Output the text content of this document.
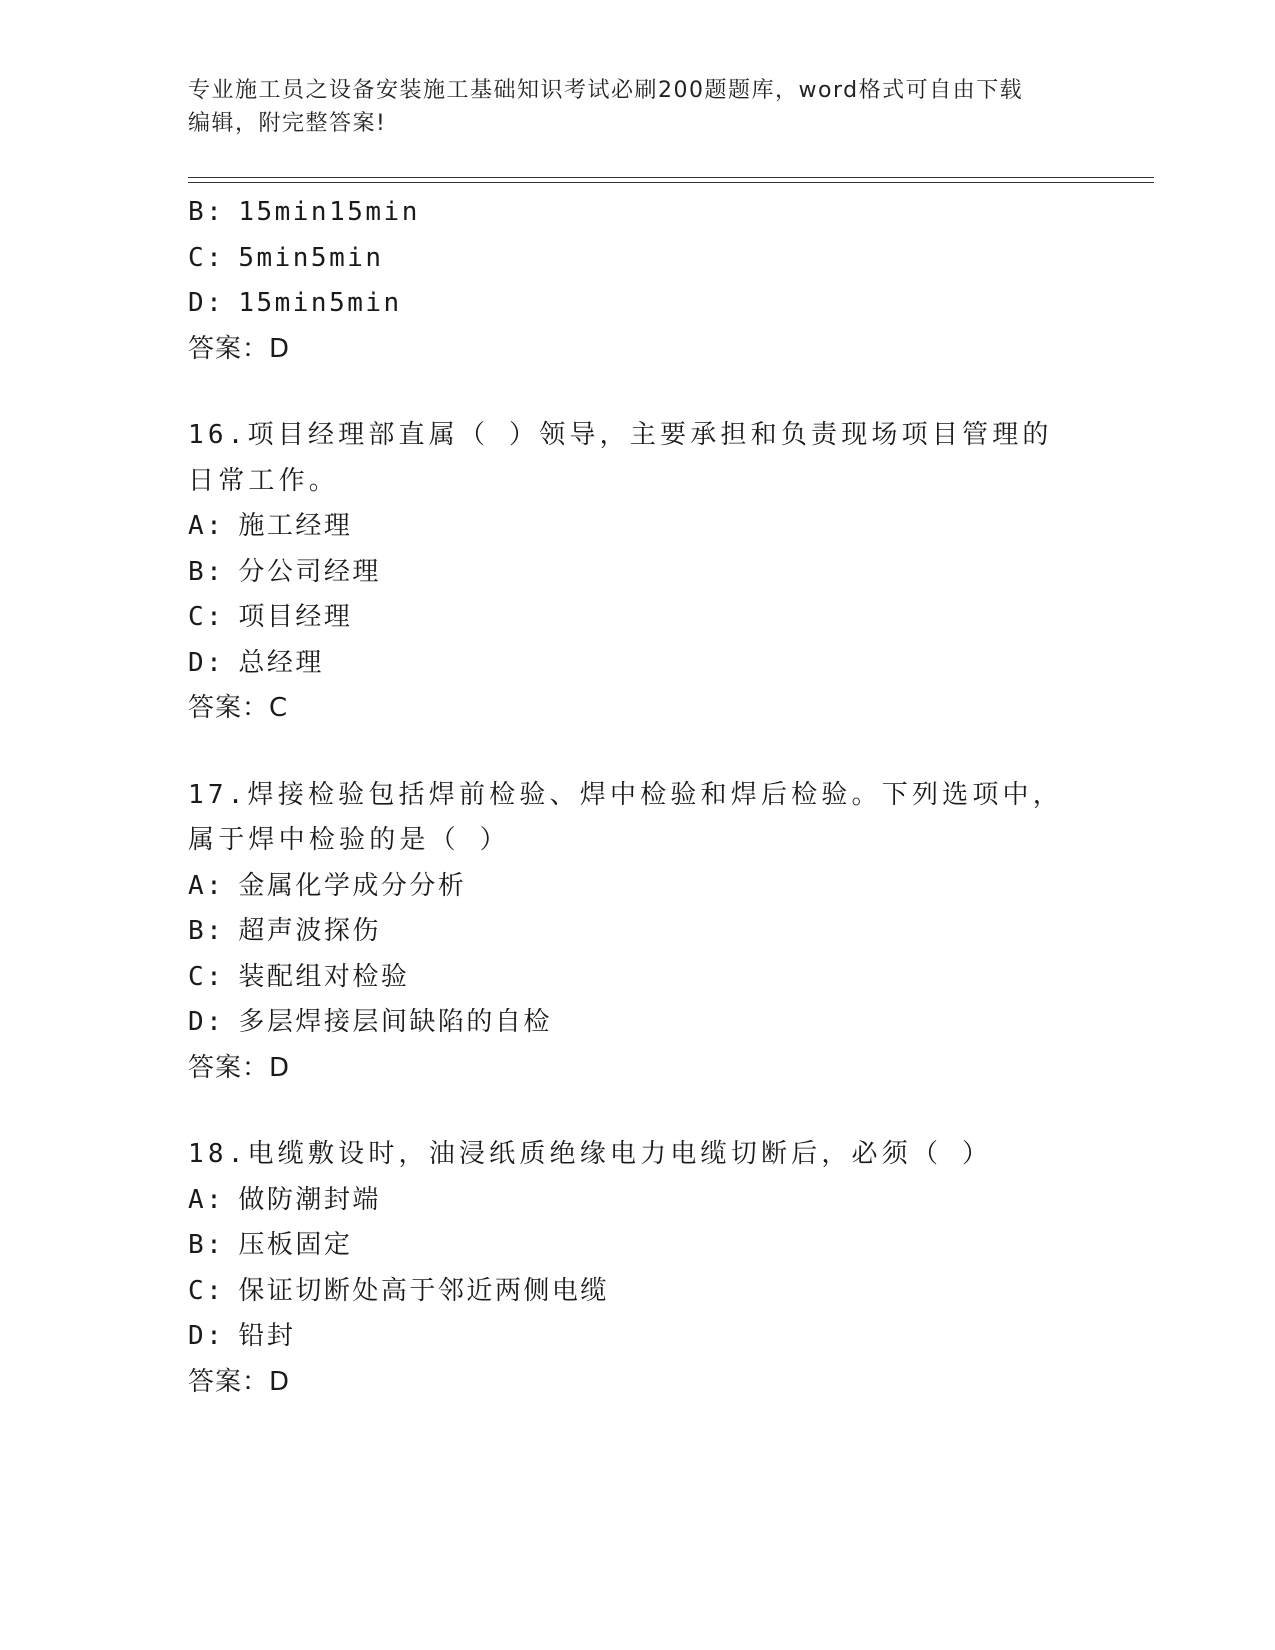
专业施工员之设备安装施工基础知识考试必刷200题题库，word格式可自由下载
编辑，附完整答案!
B: 15min15min
C: 5min5min
D: 15min5min
答案：D
16.项目经理部直属（ ）领导，主要承担和负责现场项目管理的日常工作。
A: 施工经理
B: 分公司经理
C: 项目经理
D: 总经理
答案：C
17.焊接检验包括焊前检验、焊中检验和焊后检验。下列选项中，属于焊中检验的是（ ）
A: 金属化学成分分析
B: 超声波探伤
C: 装配组对检验
D: 多层焊接层间缺陷的自检
答案：D
18.电缆敷设时，油浸纸质绝缘电力电缆切断后，必须（ ）
A: 做防潮封端
B: 压板固定
C: 保证切断处高于邻近两侧电缆
D: 铅封
答案：D
